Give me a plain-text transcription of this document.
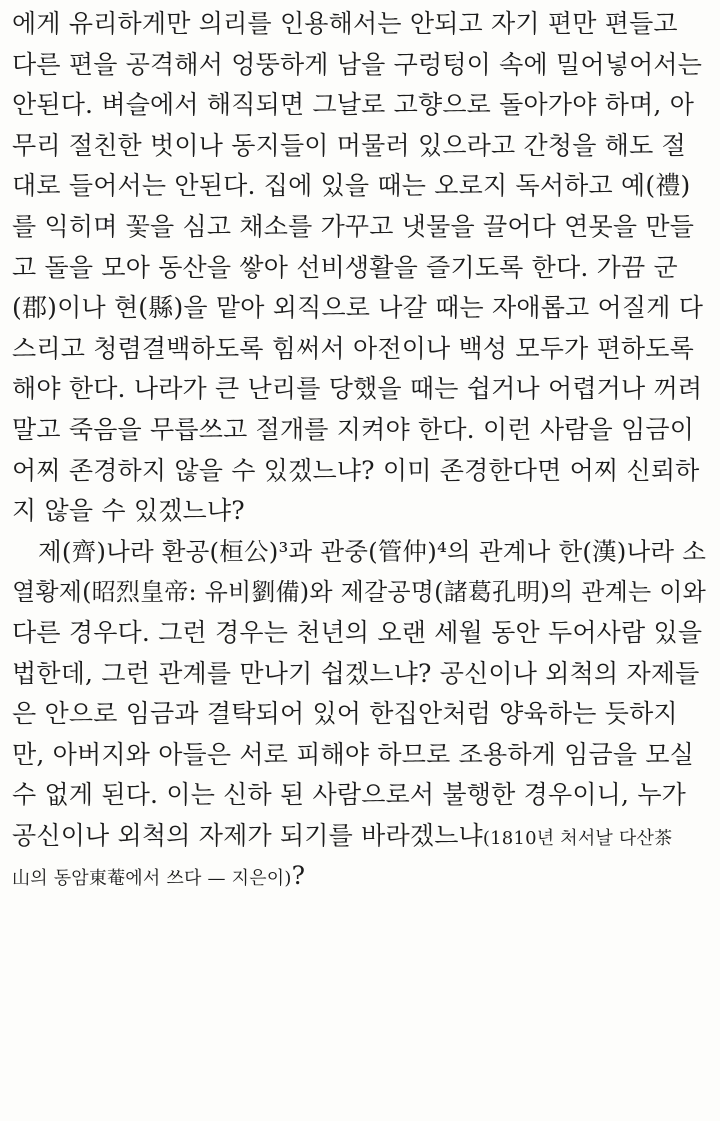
에게 유리하게만 의리를 인용해서는 안되고 자기 편만 편들고
다른 편을 공격해서 엉뚱하게 남을 구렁텅이 속에 밀어넣어서는
안된다. 벼슬에서 해직되면 그날로 고향으로 돌아가야 하며, 아
무리 절친한 벗이나 동지들이 머물러 있으라고 간청을 해도 절
대로 들어서는 안된다. 집에 있을 때는 오로지 독서하고 예(禮)
를 익히며 꽃을 심고 채소를 가꾸고 냇물을 끌어다 연못을 만들
고 돌을 모아 동산을 쌓아 선비생활을 즐기도록 한다. 가끔 군
(郡)이나 현(縣)을 맡아 외직으로 나갈 때는 자애롭고 어질게 다
스리고 청렴결백하도록 힘써서 아전이나 백성 모두가 편하도록
해야 한다. 나라가 큰 난리를 당했을 때는 쉽거나 어렵거나 꺼려
말고 죽음을 무릅쓰고 절개를 지켜야 한다. 이런 사람을 임금이
어찌 존경하지 않을 수 있겠느냐? 이미 존경한다면 어찌 신뢰하
지 않을 수 있겠느냐?
제(齊)나라 환공(桓公)³과 관중(管仲)⁴의 관계나 한(漢)나라 소
열황제(昭烈皇帝: 유비劉備)와 제갈공명(諸葛孔明)의 관계는 이와
다른 경우다. 그런 경우는 천년의 오랜 세월 동안 두어사람 있을
법한데, 그런 관계를 만나기 쉽겠느냐? 공신이나 외척의 자제들
은 안으로 임금과 결탁되어 있어 한집안처럼 양육하는 듯하지
만, 아버지와 아들은 서로 피해야 하므로 조용하게 임금을 모실
수 없게 된다. 이는 신하 된 사람으로서 불행한 경우이니, 누가
공신이나 외척의 자제가 되기를 바라겠느냐(1810년 처서날 다산茶
山의 동암東菴에서 쓰다 — 지은이)?
